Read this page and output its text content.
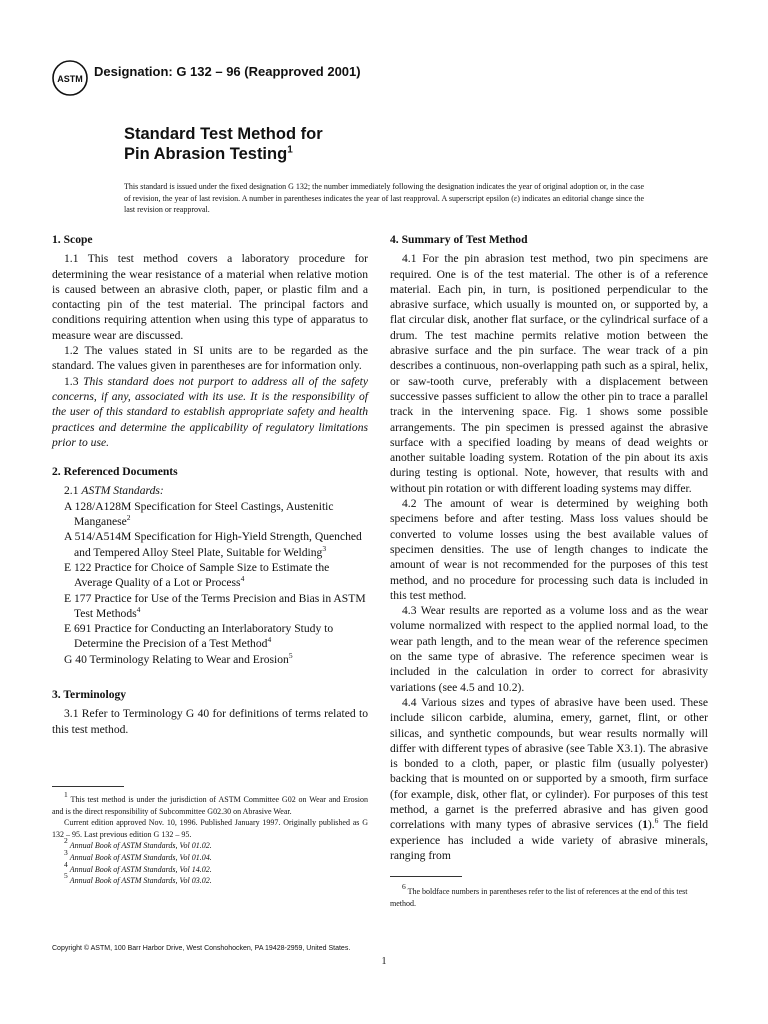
ASTM Designation: G 132 – 96 (Reapproved 2001)
Standard Test Method for
Pin Abrasion Testing$^1$
This standard is issued under the fixed designation G 132; the number immediately following the designation indicates the year of original adoption or, in the case of revision, the year of last revision. A number in parentheses indicates the year of last reapproval. A superscript epsilon (ε) indicates an editorial change since the last revision or reapproval.
1. Scope

1.1 This test method covers a laboratory procedure for determining the wear resistance of a material when relative motion is caused between an abrasive cloth, paper, or plastic film and a contacting pin of the test material. The principal factors and conditions requiring attention when using this type of apparatus to measure wear are discussed.

1.2 The values stated in SI units are to be regarded as the standard. The values given in parentheses are for information only.

1.3 This standard does not purport to address all of the safety concerns, if any, associated with its use. It is the responsibility of the user of this standard to establish appropriate safety and health practices and determine the applicability of regulatory limitations prior to use.

2. Referenced Documents
2.1 ASTM Standards:
A 128/A128M Specification for Steel Castings, Austenitic Manganese$^2$
A 514/A514M Specification for High-Yield Strength, Quenched and Tempered Alloy Steel Plate, Suitable for Welding$^3$
E 122 Practice for Choice of Sample Size to Estimate the Average Quality of a Lot or Process$^4$
E 177 Practice for Use of the Terms Precision and Bias in ASTM Test Methods$^4$
E 691 Practice for Conducting an Interlaboratory Study to Determine the Precision of a Test Method$^4$
G 40 Terminology Relating to Wear and Erosion$^5$
3. Terminology

3.1 Refer to Terminology G 40 for definitions of terms related to this test method.

$^1$ This test method is under the jurisdiction of ASTM Committee G02 on Wear and Erosion and is the direct responsibility of Subcommittee G02.30 on Abrasive Wear.

Current edition approved Nov. 10, 1996. Published January 1997. Originally published as G 132 – 95. Last previous edition G 132 – 95.

$^2$ Annual Book of ASTM Standards, Vol 01.02.

$^3$ Annual Book of ASTM Standards, Vol 01.04.

$^4$ Annual Book of ASTM Standards, Vol 14.02.

$^5$ Annual Book of ASTM Standards, Vol 03.02.

4. Summary of Test Method

4.1 For the pin abrasion test method, two pin specimens are required. One is of the test material. The other is of a reference material. Each pin, in turn, is positioned perpendicular to the abrasive surface, which usually is mounted on, or supported by, a flat circular disk, another flat surface, or the cylindrical surface of a drum. The test machine permits relative motion between the abrasive surface and the pin surface. The wear track of a pin describes a continuous, non-overlapping path such as a spiral, helix, or saw-tooth curve, preferably with a displacement between successive passes sufficient to allow the other pin to trace a parallel track in the intervening space. Fig. 1 shows some possible arrangements. The pin specimen is pressed against the abrasive surface with a specified loading by means of dead weights or another suitable loading system. Rotation of the pin about its axis during testing is optional. Note, however, that results with and without pin rotation or with different loading systems may differ.

4.2 The amount of wear is determined by weighing both specimens before and after testing. Mass loss values should be converted to volume losses using the best available values of specimen densities. The use of length changes to indicate the amount of wear is not recommended for the purposes of this test method, and no procedure for processing such data is included in this test method.

4.3 Wear results are reported as a volume loss and as the wear volume normalized with respect to the applied normal load, to the wear path length, and to the mean wear of the reference specimen on the same type of abrasive. The reference specimen wear is included in the calculation in order to correct for abrasivity variations (see 4.5 and 10.2).

4.4 Various sizes and types of abrasive have been used. These include silicon carbide, alumina, emery, garnet, flint, or other silicas, and synthetic compounds, but wear results normally will differ with different types of abrasive (see Table X3.1). The abrasive is bonded to a cloth, paper, or plastic film (usually polyester) backing that is mounted on or supported by a smooth, firm surface (for example, disk, other flat, or cylinder). For purposes of this test method, a garnet is the preferred abrasive and has given good correlations with many types of abrasive services (1).$^6$ The field experience has included a wide variety of abrasive minerals, ranging from

$^6$ The boldface numbers in parentheses refer to the list of references at the end of this test method.
Copyright © ASTM, 100 Barr Harbor Drive, West Conshohocken, PA 19428-2959, United States.
1
